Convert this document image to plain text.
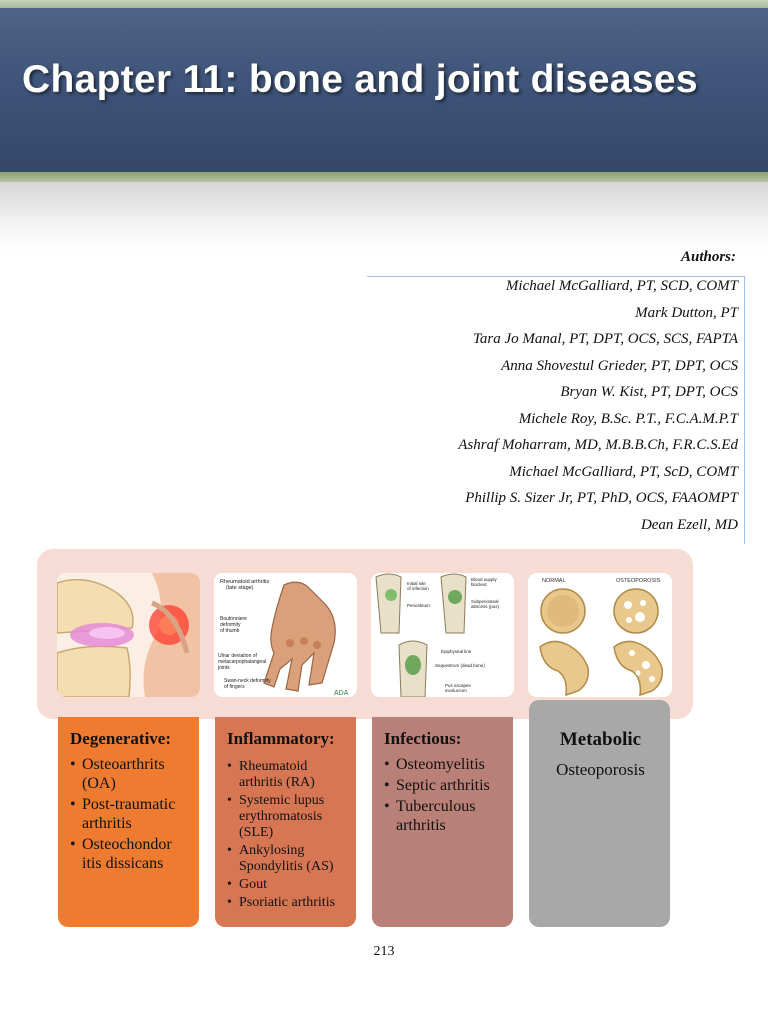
Chapter 11: bone and joint diseases
Authors:
Michael McGalliard, PT, SCD, COMT
Mark Dutton, PT
Tara Jo Manal, PT, DPT, OCS, SCS, FAPTA
Anna Shovestul Grieder, PT, DPT, OCS
Bryan W. Kist, PT, DPT, OCS
Michele Roy, B.Sc. P.T., F.C.A.M.P.T
Ashraf Moharram, MD, M.B.B.Ch, F.R.C.S.Ed
Michael McGalliard, PT, ScD, COMT
Phillip S. Sizer Jr, PT, PhD, OCS, FAAOMPT
Dean Ezell, MD
Rheumatoid arthritis
(late stage)
Boutonniere
deformity
of thumb
Ulnar deviation of
metacarpophalangeal
joints
Swan-neck deformity
of fingers
ADA
Initial site
of infection
Periosteum
Blood supply
blocked
Subperiosteal
abscess (pus)
Epiphyseal line
Sequestrum (dead bone)
Pus escapes
involucrum
NORMAL	OSTEOPOROSIS
Metabolic
Osteoporosis
Degenerative:
• Osteoarthrits (OA)
• Post-traumatic arthritis
• Osteochondor itis dissicans
Inflammatory:
• Rheumatoid arthritis (RA)
• Systemic lupus erythromatosis (SLE)
• Ankylosing Spondylitis (AS)
• Gout
• Psoriatic arthritis
Infectious:
• Osteomyelitis
• Septic arthritis
• Tuberculous arthritis
213
